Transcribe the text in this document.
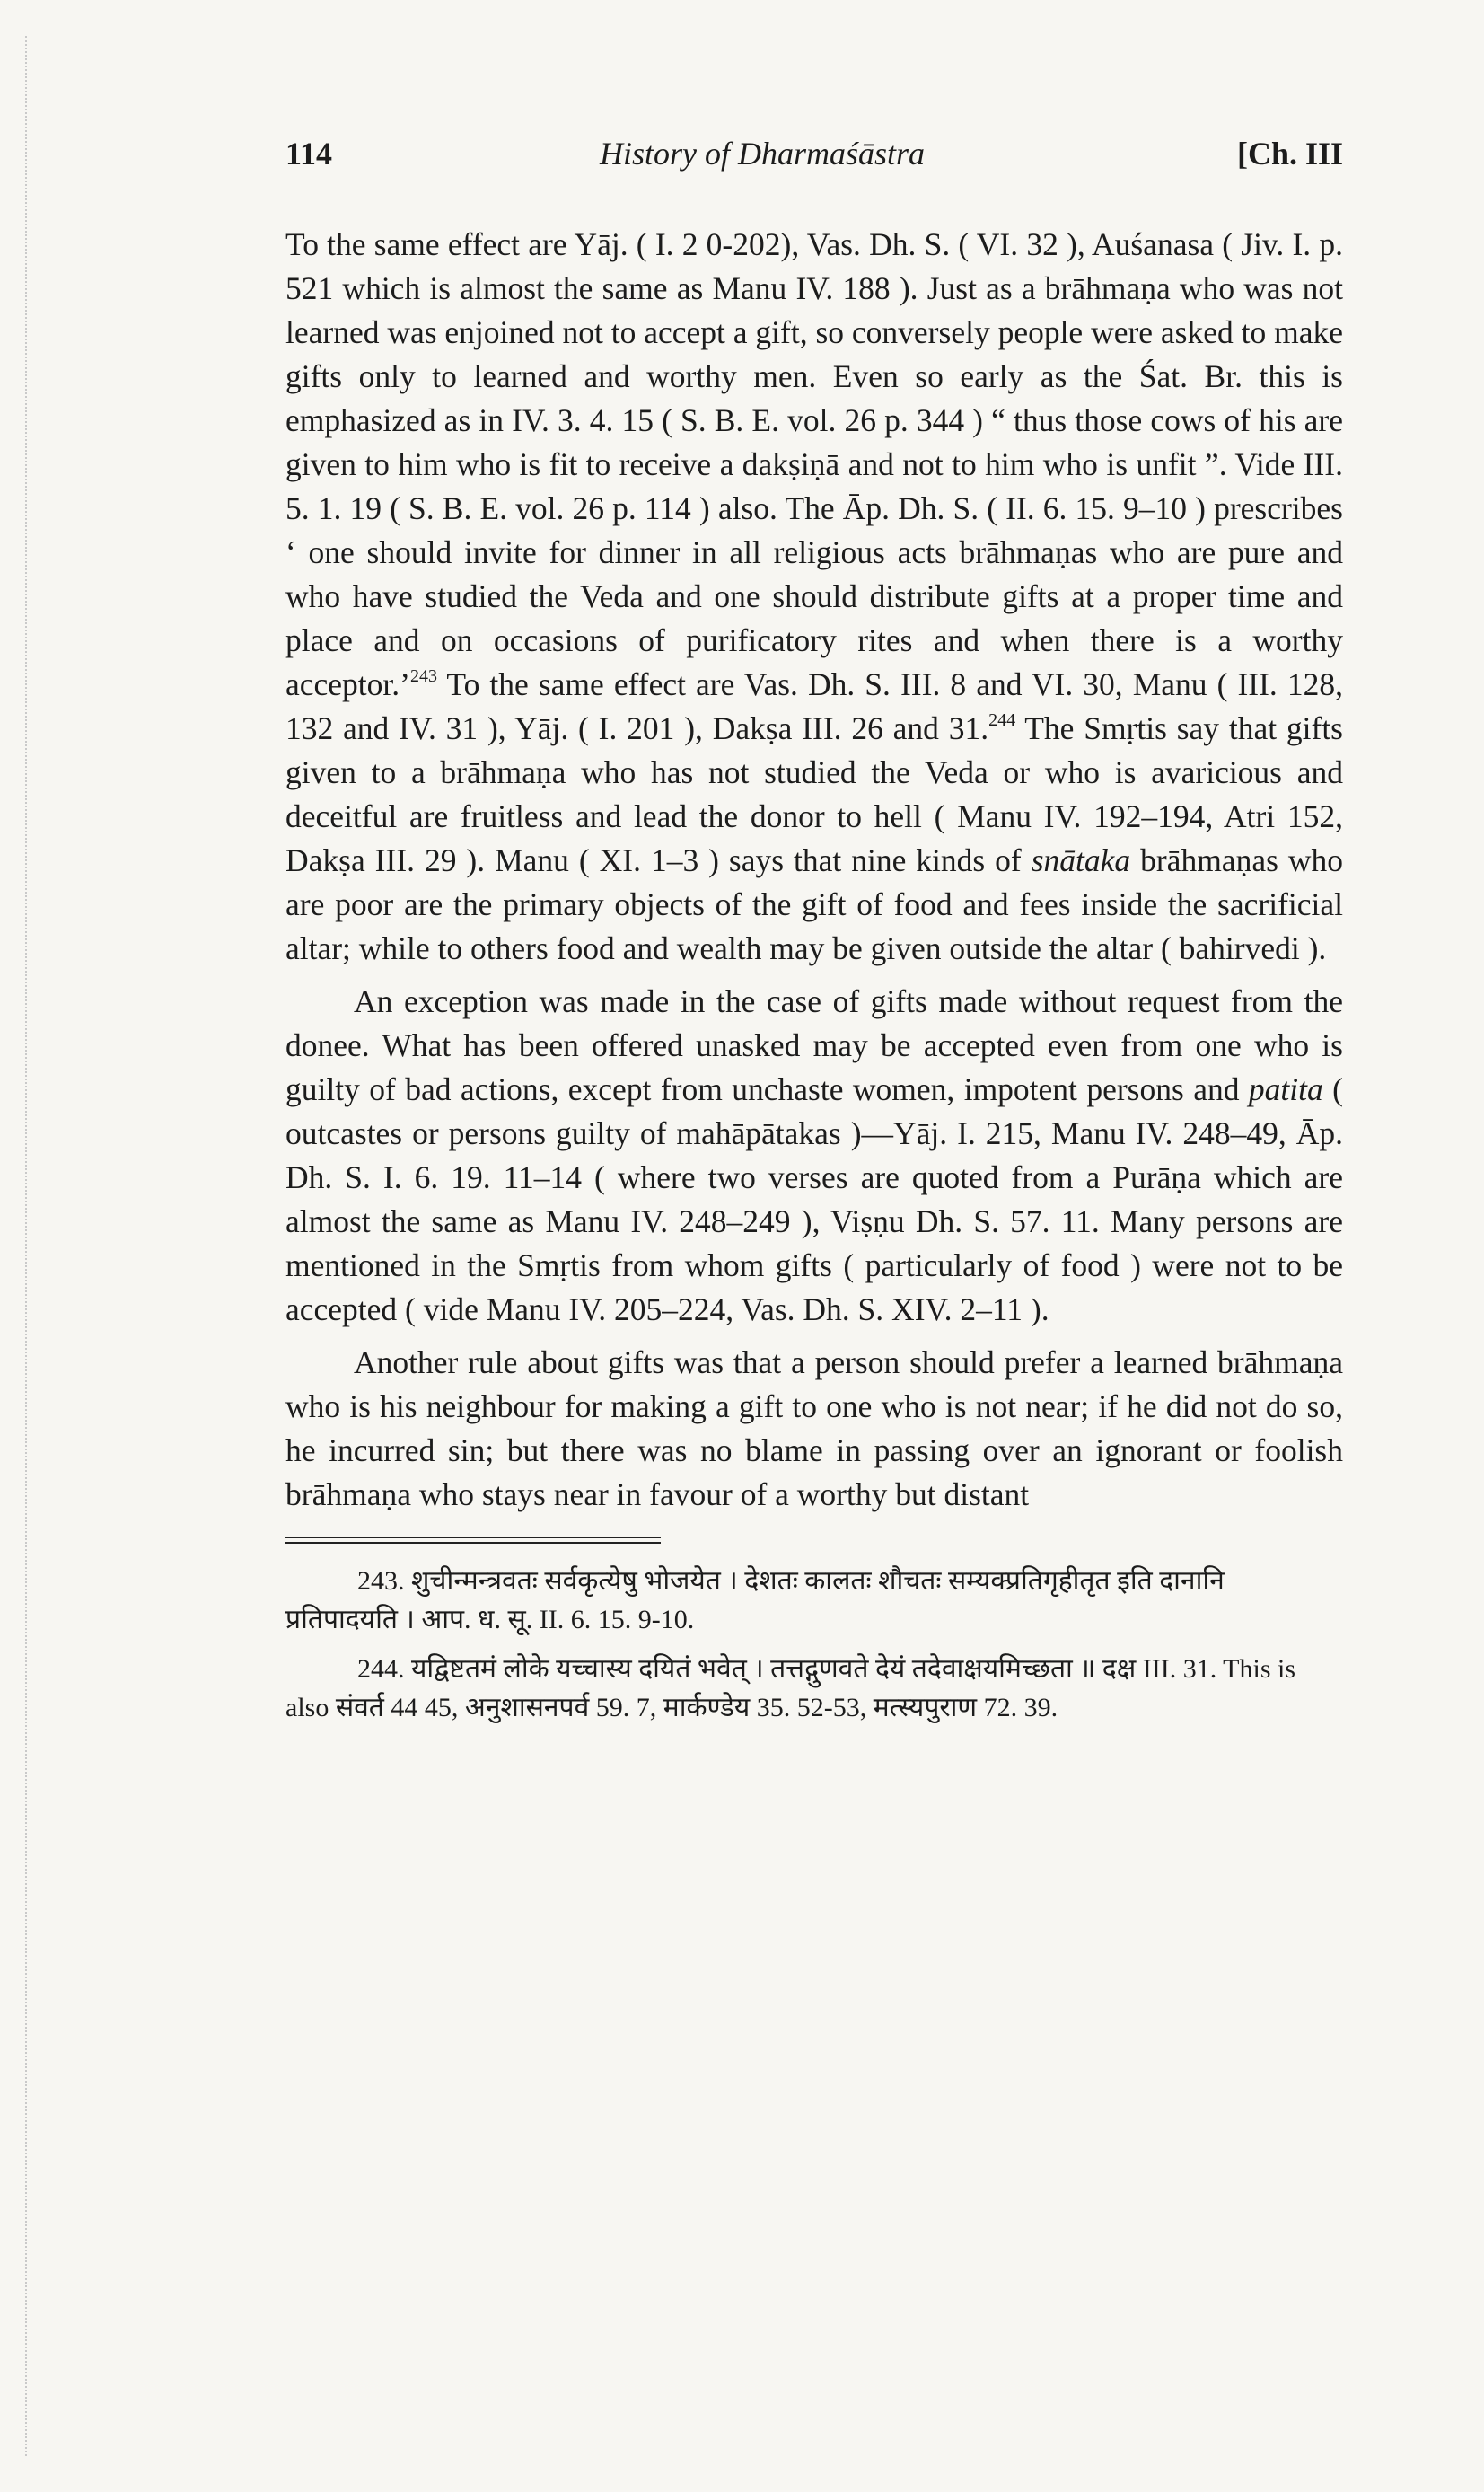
114	History of Dharmaśāstra	[Ch. III

To the same effect are Yāj. ( I. 2 0-202), Vas. Dh. S. ( VI. 32 ), Auśanasa ( Jiv. I. p. 521 which is almost the same as Manu IV. 188 ). Just as a brāhmaṇa who was not learned was enjoined not to accept a gift, so conversely people were asked to make gifts only to learned and worthy men. Even so early as the Śat. Br. this is emphasized as in IV. 3. 4. 15 ( S. B. E. vol. 26 p. 344 ) “ thus those cows of his are given to him who is fit to receive a dakṣiṇā and not to him who is unfit ”. Vide III. 5. 1. 19 ( S. B. E. vol. 26 p. 114 ) also. The Āp. Dh. S. ( II. 6. 15. 9–10 ) prescribes ‘ one should invite for dinner in all religious acts brāhmaṇas who are pure and who have studied the Veda and one should distribute gifts at a proper time and place and on occasions of purificatory rites and when there is a worthy acceptor.’$^{243}$ To the same effect are Vas. Dh. S. III. 8 and VI. 30, Manu ( III. 128, 132 and IV. 31 ), Yāj. ( I. 201 ), Dakṣa III. 26 and 31.$^{244}$ The Smṛtis say that gifts given to a brāhmaṇa who has not studied the Veda or who is avaricious and deceitful are fruitless and lead the donor to hell ( Manu IV. 192–194, Atri 152, Dakṣa III. 29 ). Manu ( XI. 1–3 ) says that nine kinds of snātaka brāhmaṇas who are poor are the primary objects of the gift of food and fees inside the sacrificial altar; while to others food and wealth may be given outside the altar ( bahirvedi ).

An exception was made in the case of gifts made without request from the donee. What has been offered unasked may be accepted even from one who is guilty of bad actions, except from unchaste women, impotent persons and patita ( outcastes or persons guilty of mahāpātakas )—Yāj. I. 215, Manu IV. 248–49, Āp. Dh. S. I. 6. 19. 11–14 ( where two verses are quoted from a Purāṇa which are almost the same as Manu IV. 248–249 ), Viṣṇu Dh. S. 57. 11. Many persons are mentioned in the Smṛtis from whom gifts ( particularly of food ) were not to be accepted ( vide Manu IV. 205–224, Vas. Dh. S. XIV. 2–11 ).

Another rule about gifts was that a person should prefer a learned brāhmaṇa who is his neighbour for making a gift to one who is not near; if he did not do so, he incurred sin; but there was no blame in passing over an ignorant or foolish brāhmaṇa who stays near in favour of a worthy but distant

243. शुचीन्मन्त्रवतः सर्वकृत्येषु भोजयेत । देशतः कालतः शौचतः सम्यक्प्रतिगृहीतृत इति दानानि प्रतिपादयति । आप. ध. सू. II. 6. 15. 9-10.

244. यद्विष्टतमं लोके यच्चास्य दयितं भवेत् । तत्तद्गुणवते देयं तदेवाक्षयमिच्छता ॥ दक्ष III. 31. This is also संवर्त 44 45, अनुशासनपर्व 59. 7, मार्कण्डेय 35. 52-53, मत्स्यपुराण 72. 39.
